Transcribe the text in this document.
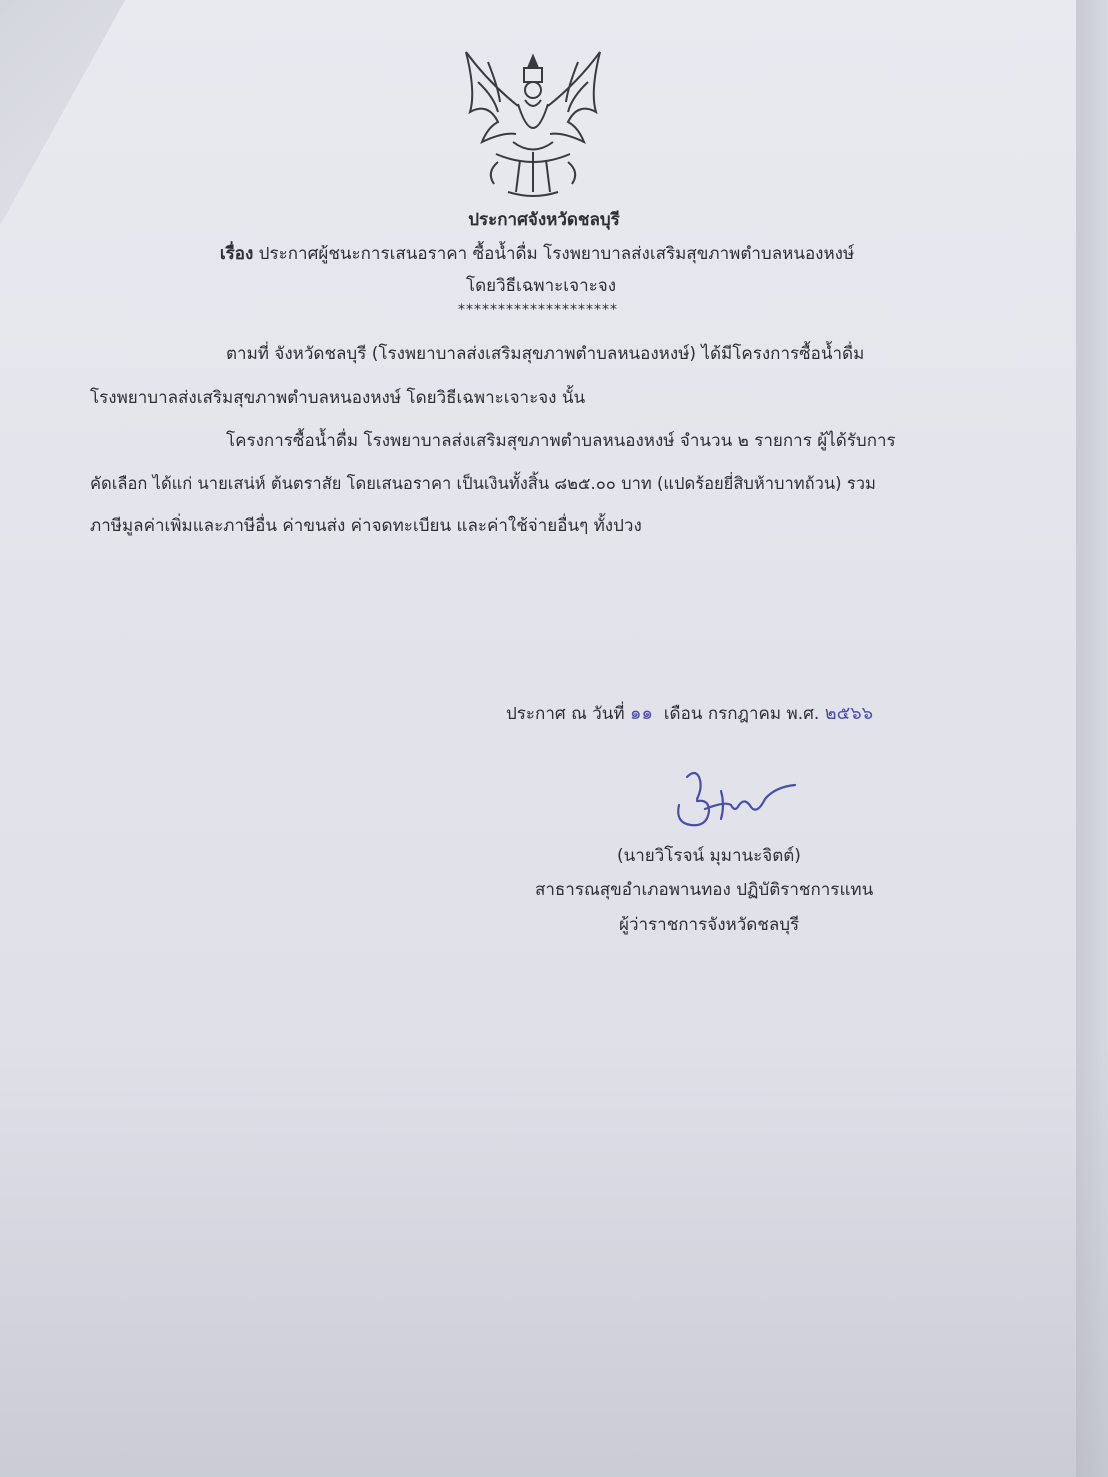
ประกาศจังหวัดชลบุรี
เรื่อง ประกาศผู้ชนะการเสนอราคา ซื้อน้ำดื่ม โรงพยาบาลส่งเสริมสุขภาพตำบลหนองหงษ์
โดยวิธีเฉพาะเจาะจง
********************
ตามที่ จังหวัดชลบุรี (โรงพยาบาลส่งเสริมสุขภาพตำบลหนองหงษ์) ได้มีโครงการซื้อน้ำดื่ม
โรงพยาบาลส่งเสริมสุขภาพตำบลหนองหงษ์ โดยวิธีเฉพาะเจาะจง นั้น
โครงการซื้อน้ำดื่ม โรงพยาบาลส่งเสริมสุขภาพตำบลหนองหงษ์ จำนวน ๒ รายการ ผู้ได้รับการ
คัดเลือก ได้แก่ นายเสน่ห์ ต้นตราสัย โดยเสนอราคา เป็นเงินทั้งสิ้น ๘๒๕.๐๐ บาท (แปดร้อยยี่สิบห้าบาทถ้วน) รวม
ภาษีมูลค่าเพิ่มและภาษีอื่น ค่าขนส่ง ค่าจดทะเบียน และค่าใช้จ่ายอื่นๆ ทั้งปวง
ประกาศ ณ วันที่ ๑๑ เดือน กรกฎาคม พ.ศ. ๒๕๖๖
(นายวิโรจน์ มุมานะจิตต์)
สาธารณสุขอำเภอพานทอง ปฏิบัติราชการแทน
ผู้ว่าราชการจังหวัดชลบุรี
